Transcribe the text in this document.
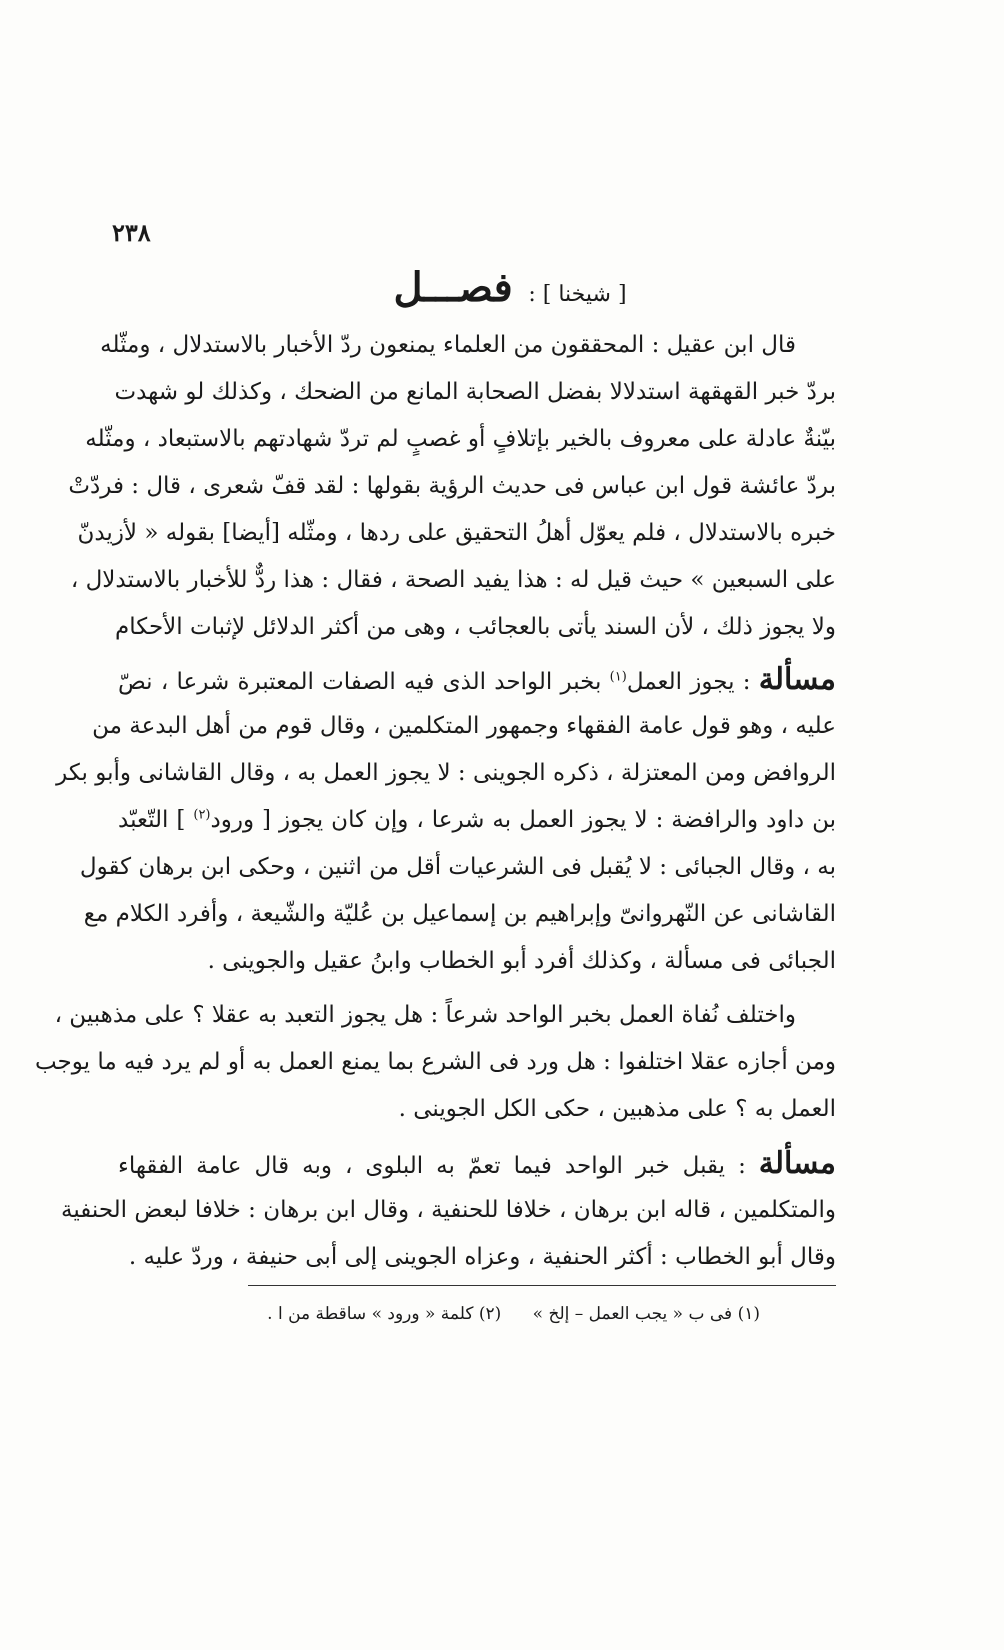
٢٣٨
[ شيخنا ] : فصـــل
قال ابن عقيل : المحققون من العلماء يمنعون ردّ الأخبار بالاستدلال ، ومثّله
بردّ خبر القهقهة استدلالا بفضل الصحابة المانع من الضحك ، وكذلك لو شهدت
بيّنةٌ عادلة على معروف بالخير بإتلافٍ أو غصبٍ لم تردّ شهادتهم بالاستبعاد ، ومثّله
بردّ عائشة قول ابن عباس فى حديث الرؤية بقولها : لقد قفّ شعرى ، قال : فردّتْ
خبره بالاستدلال ، فلم يعوّل أهلُ التحقيق على ردها ، ومثّله [أيضا] بقوله « لأزيدنّ
على السبعين » حيث قيل له : هذا يفيد الصحة ، فقال : هذا ردٌّ للأخبار بالاستدلال ،
ولا يجوز ذلك ، لأن السند يأتى بالعجائب ، وهى من أكثر الدلائل لإثبات الأحكام
مسألة : يجوز العمل$^{(١)}$ بخبر الواحد الذى فيه الصفات المعتبرة شرعا ، نصّ
عليه ، وهو قول عامة الفقهاء وجمهور المتكلمين ، وقال قوم من أهل البدعة من
الروافض ومن المعتزلة ، ذكره الجوينى : لا يجوز العمل به ، وقال القاشانى وأبو بكر
بن داود والرافضة : لا يجوز العمل به شرعا ، وإن كان يجوز [ ورود$^{(٢)}$ ] التّعبّد
به ، وقال الجبائى : لا يُقبل فى الشرعيات أقل من اثنين ، وحكى ابن برهان كقول
القاشانى عن النّهروانىّ وإبراهيم بن إسماعيل بن عُليّة والشّيعة ، وأفرد الكلام مع
الجبائى فى مسألة ، وكذلك أفرد أبو الخطاب وابنُ عقيل والجوينى .
واختلف نُفاة العمل بخبر الواحد شرعاً : هل يجوز التعبد به عقلا ؟ على مذهبين ،
ومن أجازه عقلا اختلفوا : هل ورد فى الشرع بما يمنع العمل به أو لم يرد فيه ما يوجب
العمل به ؟ على مذهبين ، حكى الكل الجوينى .
مسألة : يقبل خبر الواحد فيما تعمّ به البلوى ، وبه قال عامة الفقهاء
والمتكلمين ، قاله ابن برهان ، خلافا للحنفية ، وقال ابن برهان : خلافا لبعض الحنفية
وقال أبو الخطاب : أكثر الحنفية ، وعزاه الجوينى إلى أبى حنيفة ، وردّ عليه .
(١) فى ب « يجب العمل – إلخ » (٢) كلمة « ورود » ساقطة من ا .
